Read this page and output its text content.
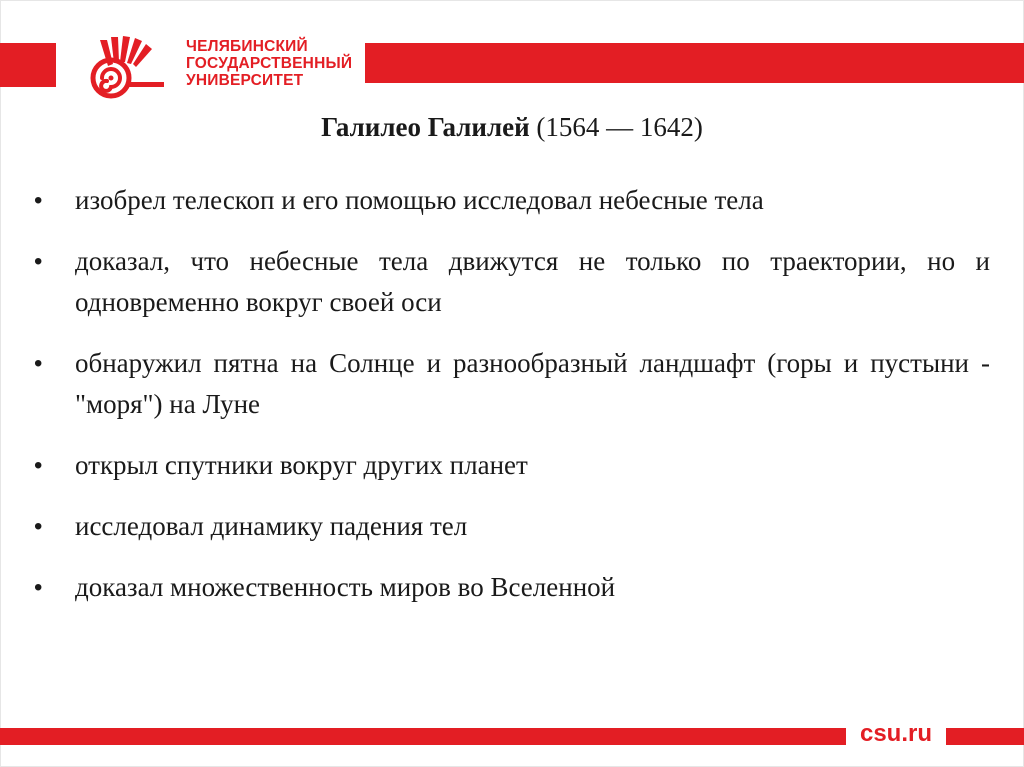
ЧЕЛЯБИНСКИЙ
ГОСУДАРСТВЕННЫЙ
УНИВЕРСИТЕТ
Галилео Галилей (1564 — 1642)
• изобрел телескоп и его помощью исследовал небесные тела
• доказал, что небесные тела движутся не только по траектории, но и одновременно вокруг своей оси
• обнаружил пятна на Солнце и разнообразный ландшафт (горы и пустыни - "моря") на Луне
• открыл спутники вокруг других планет
• исследовал динамику падения тел
• доказал множественность миров во Вселенной
csu.ru
